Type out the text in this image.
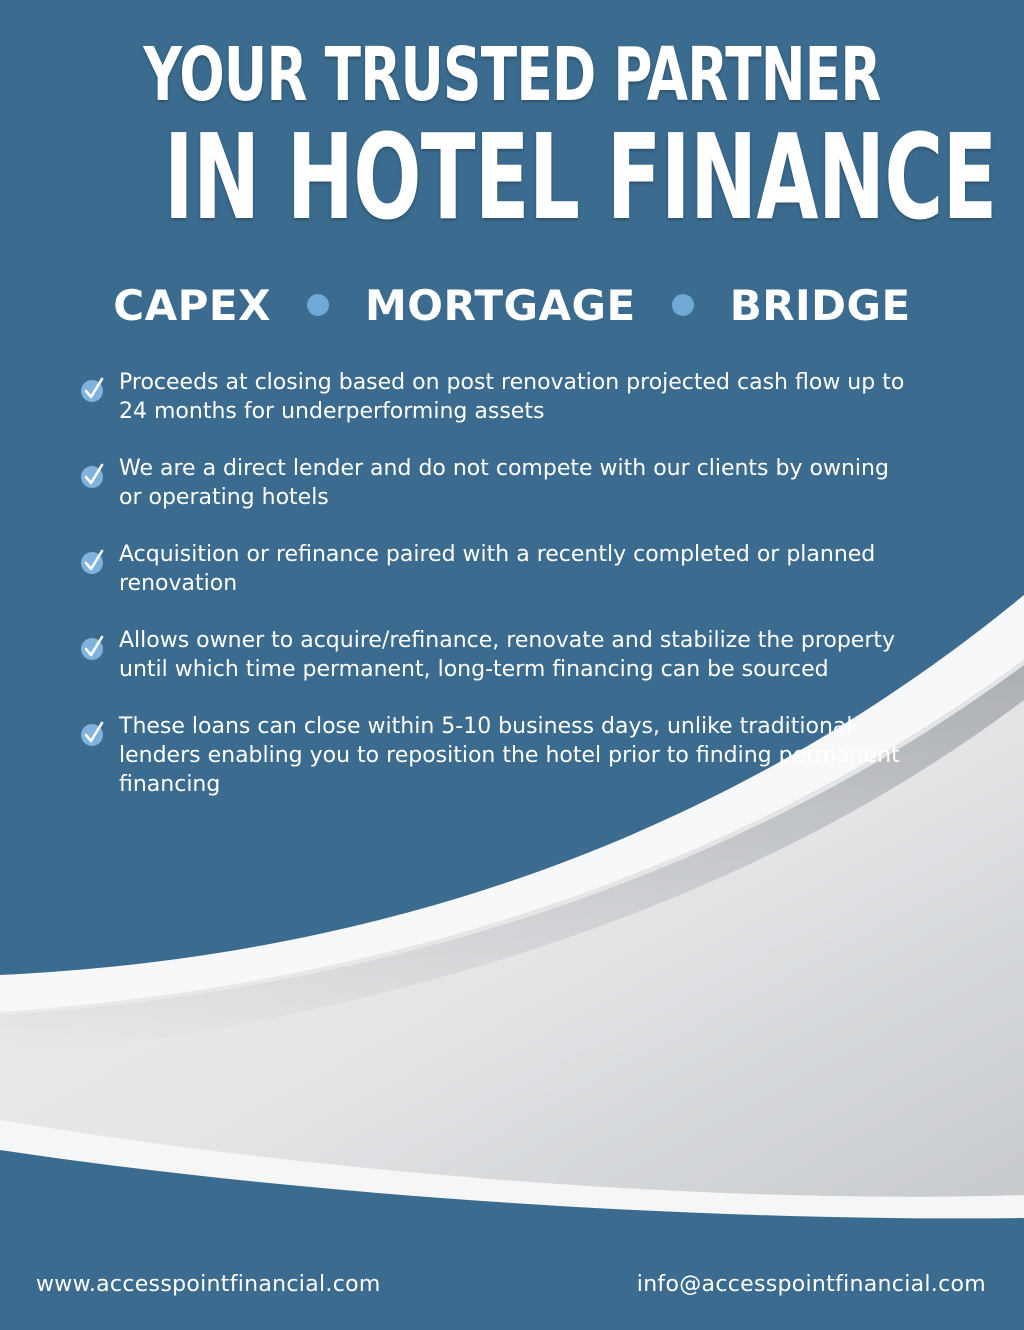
YOUR TRUSTED PARTNER
IN HOTEL FINANCE
CAPEX MORTGAGE BRIDGE
Proceeds at closing based on post renovation projected cash flow up to 24 months for underperforming assets
We are a direct lender and do not compete with our clients by owning or operating hotels
Acquisition or refinance paired with a recently completed or planned renovation
Allows owner to acquire/refinance, renovate and stabilize the property until which time permanent, long-term financing can be sourced
These loans can close within 5-10 business days, unlike traditional lenders enabling you to reposition the hotel prior to finding permanent financing
www.accesspointfinancial.com	info@accesspointfinancial.com
